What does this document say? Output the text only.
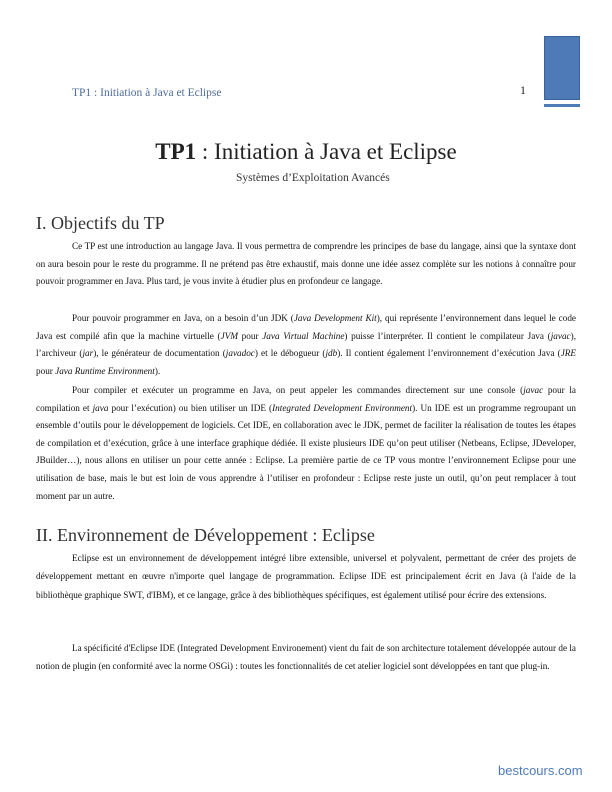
TP1 : Initiation à Java et Eclipse	1
TP1 : Initiation à Java et Eclipse
Systèmes d’Exploitation Avancés
I. Objectifs du TP

Ce TP est une introduction au langage Java. Il vous permettra de comprendre les principes de base du langage, ainsi que la syntaxe dont on aura besoin pour le reste du programme. Il ne prétend pas être exhaustif, mais donne une idée assez complète sur les notions à connaître pour pouvoir programmer en Java. Plus tard, je vous invite à étudier plus en profondeur ce langage.

Pour pouvoir programmer en Java, on a besoin d’un JDK (Java Development Kit), qui représente l’environnement dans lequel le code Java est compilé afin que la machine virtuelle (JVM pour Java Virtual Machine) puisse l’interpréter. Il contient le compilateur Java (javac), l’archiveur (jar), le générateur de documentation (javadoc) et le débogueur (jdb). Il contient également l’environnement d’exécution Java (JRE pour Java Runtime Environment).

Pour compiler et exécuter un programme en Java, on peut appeler les commandes directement sur une console (javac pour la compilation et java pour l’exécution) ou bien utiliser un IDE (Integrated Development Environment). Un IDE est un programme regroupant un ensemble d’outils pour le développement de logiciels. Cet IDE, en collaboration avec le JDK, permet de faciliter la réalisation de toutes les étapes de compilation et d’exécution, grâce à une interface graphique dédiée. Il existe plusieurs IDE qu’on peut utiliser (Netbeans, Eclipse, JDeveloper, JBuilder…), nous allons en utiliser un pour cette année : Eclipse. La première partie de ce TP vous montre l’environnement Eclipse pour une utilisation de base, mais le but est loin de vous apprendre à l’utiliser en profondeur : Eclipse reste juste un outil, qu’on peut remplacer à tout moment par un autre.

II. Environnement de Développement : Eclipse

Eclipse est un environnement de développement intégré libre extensible, universel et polyvalent, permettant de créer des projets de développement mettant en œuvre n'importe quel langage de programmation. Eclipse IDE est principalement écrit en Java (à l'aide de la bibliothèque graphique SWT, d'IBM), et ce langage, grâce à des bibliothèques spécifiques, est également utilisé pour écrire des extensions.

La spécificité d'Eclipse IDE (Integrated Development Environement) vient du fait de son architecture totalement développée autour de la notion de plugin (en conformité avec la norme OSGi) : toutes les fonctionnalités de cet atelier logiciel sont développées en tant que plug-in.

bestcours.com
